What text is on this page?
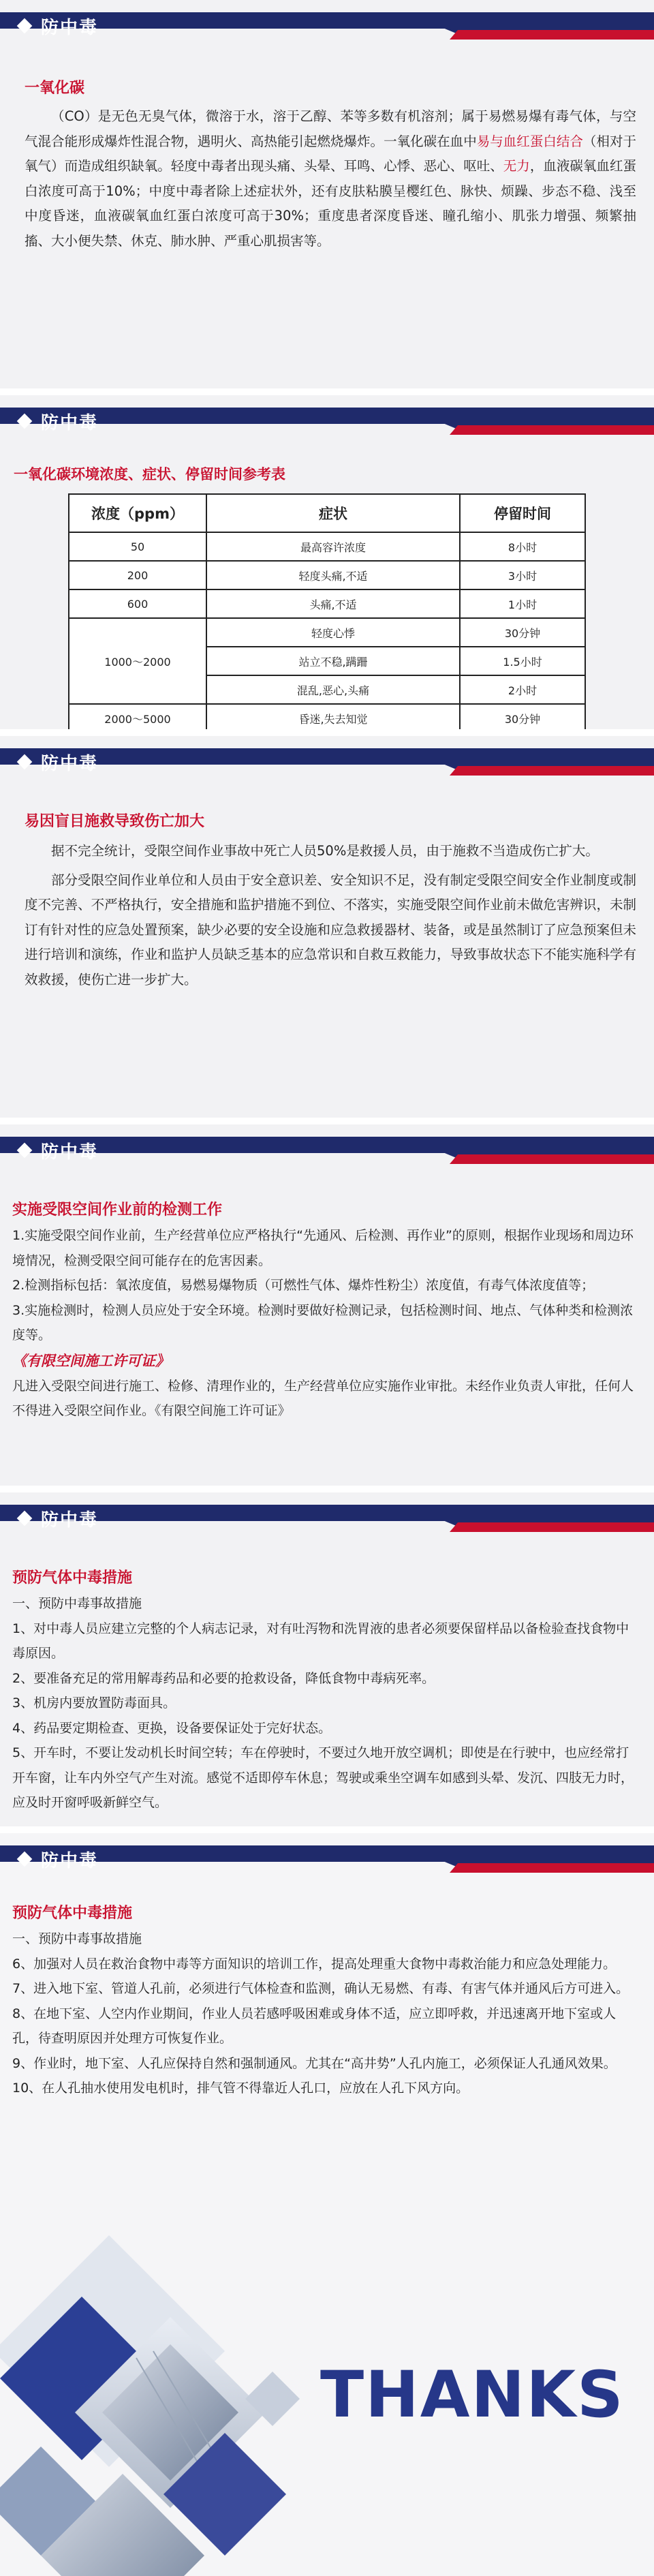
防中毒
一氧化碳
（CO）是无色无臭气体，微溶于水，溶于乙醇、苯等多数有机溶剂；属于易燃易爆有毒气体，与空气混合能形成爆炸性混合物，遇明火、高热能引起燃烧爆炸。一氧化碳在血中易与血红蛋白结合（相对于氧气）而造成组织缺氧。轻度中毒者出现头痛、头晕、耳鸣、心悸、恶心、呕吐、无力，血液碳氧血红蛋白浓度可高于10%；中度中毒者除上述症状外，还有皮肤粘膜呈樱红色、脉快、烦躁、步态不稳、浅至中度昏迷，血液碳氧血红蛋白浓度可高于30%；重度患者深度昏迷、瞳孔缩小、肌张力增强、频繁抽搐、大小便失禁、休克、肺水肿、严重心肌损害等。
防中毒
一氧化碳环境浓度、症状、停留时间参考表
浓度（ppm）	症状	停留时间
50	最高容许浓度	8小时
200	轻度头痛,不适	3小时
600	头痛,不适	1小时
1000～2000	轻度心悸	30分钟
	站立不稳,蹒跚	1.5小时
	混乱,恶心,头痛	2小时
2000～5000	昏迷,失去知觉	30分钟
防中毒
易因盲目施救导致伤亡加大
据不完全统计，受限空间作业事故中死亡人员50%是救援人员，由于施救不当造成伤亡扩大。
部分受限空间作业单位和人员由于安全意识差、安全知识不足，没有制定受限空间安全作业制度或制度不完善、不严格执行，安全措施和监护措施不到位、不落实，实施受限空间作业前未做危害辨识，未制订有针对性的应急处置预案，缺少必要的安全设施和应急救援器材、装备，或是虽然制订了应急预案但未进行培训和演练，作业和监护人员缺乏基本的应急常识和自救互救能力，导致事故状态下不能实施科学有效救援，使伤亡进一步扩大。
防中毒
实施受限空间作业前的检测工作
1.实施受限空间作业前，生产经营单位应严格执行“先通风、后检测、再作业”的原则，根据作业现场和周边环境情况，检测受限空间可能存在的危害因素。
2.检测指标包括：氧浓度值，易燃易爆物质（可燃性气体、爆炸性粉尘）浓度值，有毒气体浓度值等；
3.实施检测时，检测人员应处于安全环境。检测时要做好检测记录，包括检测时间、地点、气体种类和检测浓度等。
《有限空间施工许可证》
凡进入受限空间进行施工、检修、清理作业的，生产经营单位应实施作业审批。未经作业负责人审批，任何人不得进入受限空间作业。《有限空间施工许可证》
防中毒
预防气体中毒措施
一、预防中毒事故措施
1、对中毒人员应建立完整的个人病志记录，对有吐泻物和洗胃液的患者必须要保留样品以备检验查找食物中毒原因。
2、要准备充足的常用解毒药品和必要的抢救设备，降低食物中毒病死率。
3、机房内要放置防毒面具。
4、药品要定期检查、更换，设备要保证处于完好状态。
5、开车时，不要让发动机长时间空转；车在停驶时，不要过久地开放空调机；即使是在行驶中，也应经常打开车窗，让车内外空气产生对流。感觉不适即停车休息；驾驶或乘坐空调车如感到头晕、发沉、四肢无力时，应及时开窗呼吸新鲜空气。
防中毒
预防气体中毒措施
一、预防中毒事故措施
6、加强对人员在救治食物中毒等方面知识的培训工作，提高处理重大食物中毒救治能力和应急处理能力。
7、进入地下室、管道人孔前，必须进行气体检查和监测，确认无易燃、有毒、有害气体并通风后方可进入。
8、在地下室、人空内作业期间，作业人员若感呼吸困难或身体不适，应立即呼救，并迅速离开地下室或人孔，待查明原因并处理方可恢复作业。
9、作业时，地下室、人孔应保持自然和强制通风。尤其在“高井势”人孔内施工，必须保证人孔通风效果。
10、在人孔抽水使用发电机时，排气管不得靠近人孔口，应放在人孔下风方向。
THANKS
